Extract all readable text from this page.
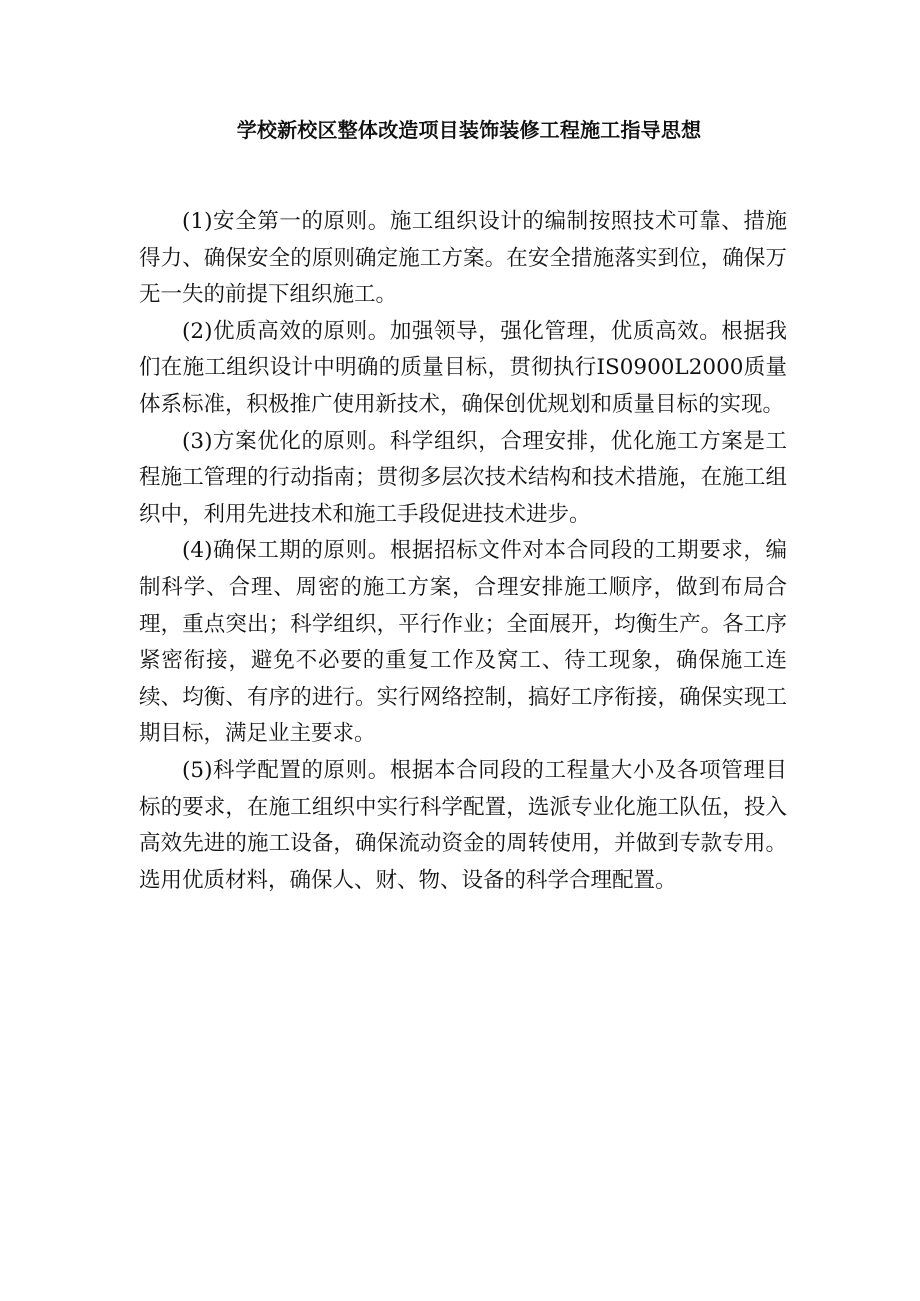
学校新校区整体改造项目装饰装修工程施工指导思想

(1)安全第一的原则。施工组织设计的编制按照技术可靠、措施得力、确保安全的原则确定施工方案。在安全措施落实到位，确保万无一失的前提下组织施工。

(2)优质高效的原则。加强领导，强化管理，优质高效。根据我们在施工组织设计中明确的质量目标，贯彻执行IS0900L2000质量体系标准，积极推广使用新技术，确保创优规划和质量目标的实现。

(3)方案优化的原则。科学组织，合理安排，优化施工方案是工程施工管理的行动指南；贯彻多层次技术结构和技术措施，在施工组织中，利用先进技术和施工手段促进技术进步。

(4)确保工期的原则。根据招标文件对本合同段的工期要求，编制科学、合理、周密的施工方案，合理安排施工顺序，做到布局合理，重点突出；科学组织，平行作业；全面展开，均衡生产。各工序紧密衔接，避免不必要的重复工作及窝工、待工现象，确保施工连续、均衡、有序的进行。实行网络控制，搞好工序衔接，确保实现工期目标，满足业主要求。

(5)科学配置的原则。根据本合同段的工程量大小及各项管理目标的要求，在施工组织中实行科学配置，选派专业化施工队伍，投入高效先进的施工设备，确保流动资金的周转使用，并做到专款专用。选用优质材料，确保人、财、物、设备的科学合理配置。
